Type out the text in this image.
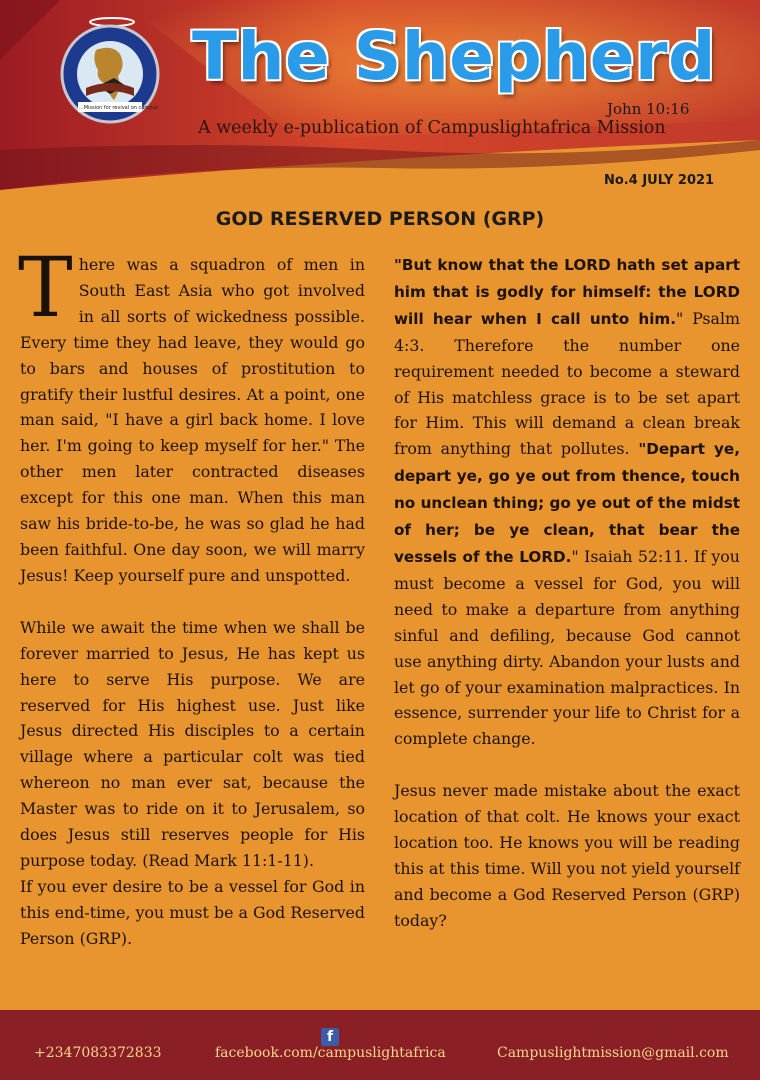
...Mission for revival on campus
The Shepherd
John 10:16
A weekly e-publication of Campuslightafrica Mission
No.4 JULY 2021
GOD RESERVED PERSON (GRP)

There was a squadron of men in South East Asia who got involved in all sorts of wickedness possible. Every time they had leave, they would go to bars and houses of prostitution to gratify their lustful desires. At a point, one man said, "I have a girl back home. I love her. I'm going to keep myself for her." The other men later contracted diseases except for this one man. When this man saw his bride-to-be, he was so glad he had been faithful. One day soon, we will marry Jesus! Keep yourself pure and unspotted.

While we await the time when we shall be forever married to Jesus, He has kept us here to serve His purpose. We are reserved for His highest use. Just like Jesus directed His disciples to a certain village where a particular colt was tied whereon no man ever sat, because the Master was to ride on it to Jerusalem, so does Jesus still reserves people for His purpose today. (Read Mark 11:1-11).

If you ever desire to be a vessel for God in this end-time, you must be a God Reserved Person (GRP).

"But know that the LORD hath set apart him that is godly for himself: the LORD will hear when I call unto him." Psalm 4:3. Therefore the number one requirement needed to become a steward of His matchless grace is to be set apart for Him. This will demand a clean break from anything that pollutes. "Depart ye, depart ye, go ye out from thence, touch no unclean thing; go ye out of the midst of her; be ye clean, that bear the vessels of the LORD." Isaiah 52:11. If you must become a vessel for God, you will need to make a departure from anything sinful and defiling, because God cannot use anything dirty. Abandon your lusts and let go of your examination malpractices. In essence, surrender your life to Christ for a complete change.

Jesus never made mistake about the exact location of that colt. He knows your exact location too. He knows you will be reading this at this time. Will you not yield yourself and become a God Reserved Person (GRP) today?

f
+2347083372833	facebook.com/campuslightafrica	Campuslightmission@gmail.com
